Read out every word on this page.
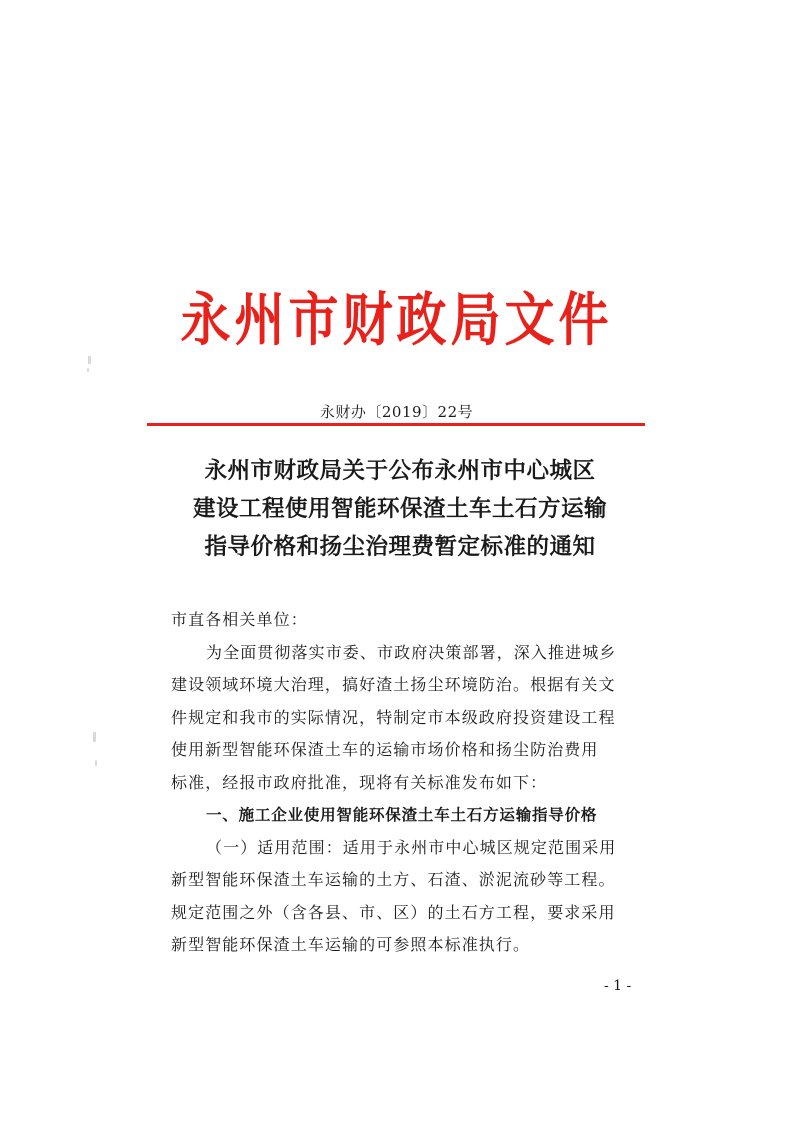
永州市财政局文件
永财办〔2019〕22号
永州市财政局关于公布永州市中心城区
建设工程使用智能环保渣土车土石方运输
指导价格和扬尘治理费暂定标准的通知

市直各相关单位：

为全面贯彻落实市委、市政府决策部署，深入推进城乡

建设领域环境大治理，搞好渣土扬尘环境防治。根据有关文

件规定和我市的实际情况，特制定市本级政府投资建设工程

使用新型智能环保渣土车的运输市场价格和扬尘防治费用

标准，经报市政府批准，现将有关标准发布如下：

一、施工企业使用智能环保渣土车土石方运输指导价格

（一）适用范围：适用于永州市中心城区规定范围采用

新型智能环保渣土车运输的土方、石渣、淤泥流砂等工程。

规定范围之外（含各县、市、区）的土石方工程，要求采用

新型智能环保渣土车运输的可参照本标准执行。

- 1 -
